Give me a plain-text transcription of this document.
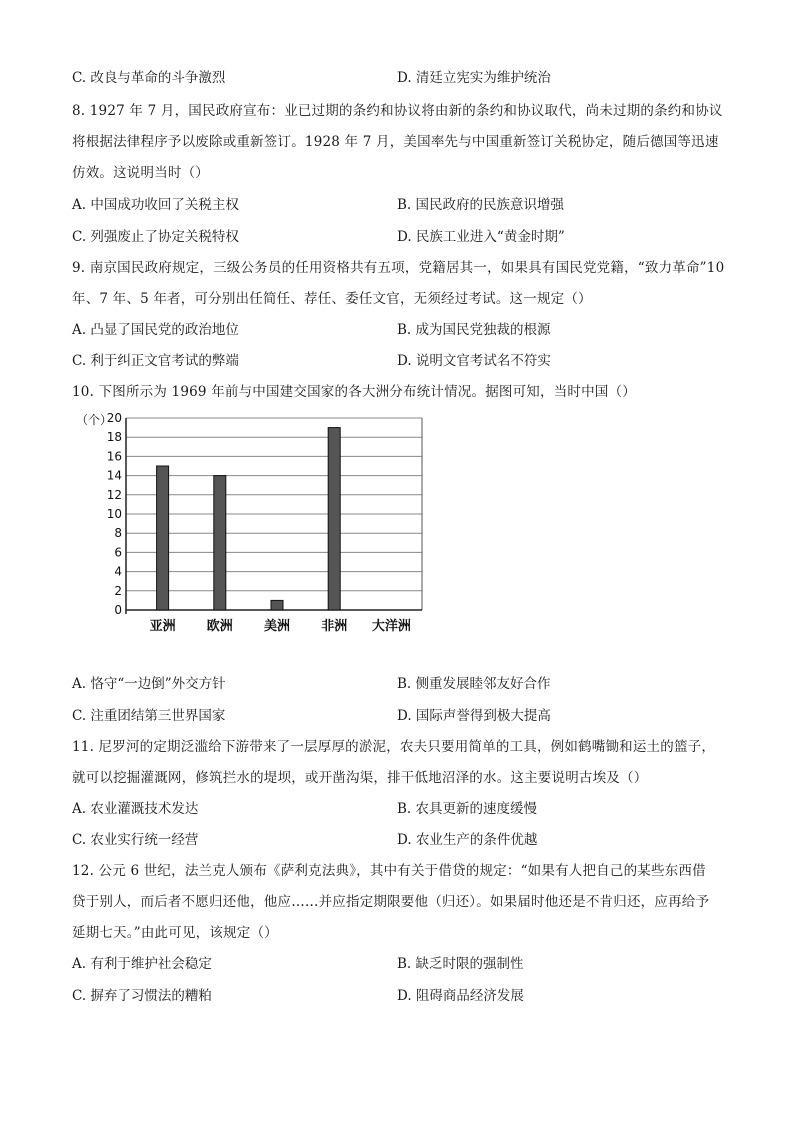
C. 改良与革命的斗争激烈	D. 清廷立宪实为维护统治
8. 1927 年 7 月，国民政府宣布：业已过期的条约和协议将由新的条约和协议取代，尚未过期的条约和协议
将根据法律程序予以废除或重新签订。1928 年 7 月，美国率先与中国重新签订关税协定，随后德国等迅速
仿效。这说明当时（）
A. 中国成功收回了关税主权	B. 国民政府的民族意识增强
C. 列强废止了协定关税特权	D. 民族工业进入“黄金时期”
9. 南京国民政府规定，三级公务员的任用资格共有五项，党籍居其一，如果具有国民党党籍，“致力革命”10
年、7 年、5 年者，可分别出任简任、荐任、委任文官，无须经过考试。这一规定（）
A. 凸显了国民党的政治地位	B. 成为国民党独裁的根源
C. 利于纠正文官考试的弊端	D. 说明文官考试名不符实
10. 下图所示为 1969 年前与中国建交国家的各大洲分布统计情况。据图可知，当时中国（）
0
2
4
6
8
10
12
14
16
18
20
（个）
亚洲 欧洲 美洲 非洲 大洋洲
A. 恪守“一边倒”外交方针	B. 侧重发展睦邻友好合作
C. 注重团结第三世界国家	D. 国际声誉得到极大提高
11. 尼罗河的定期泛滥给下游带来了一层厚厚的淤泥，农夫只要用简单的工具，例如鹤嘴锄和运土的篮子，
就可以挖掘灌溉网，修筑拦水的堤坝，或开凿沟渠，排干低地沼泽的水。这主要说明古埃及（）
A. 农业灌溉技术发达	B. 农具更新的速度缓慢
C. 农业实行统一经营	D. 农业生产的条件优越
12. 公元 6 世纪，法兰克人颁布《萨利克法典》，其中有关于借贷的规定：“如果有人把自己的某些东西借
贷于别人，而后者不愿归还他，他应……并应指定期限要他（归还）。如果届时他还是不肯归还，应再给予
延期七天。”由此可见，该规定（）
A. 有利于维护社会稳定	B. 缺乏时限的强制性
C. 摒弃了习惯法的糟粕	D. 阻碍商品经济发展
